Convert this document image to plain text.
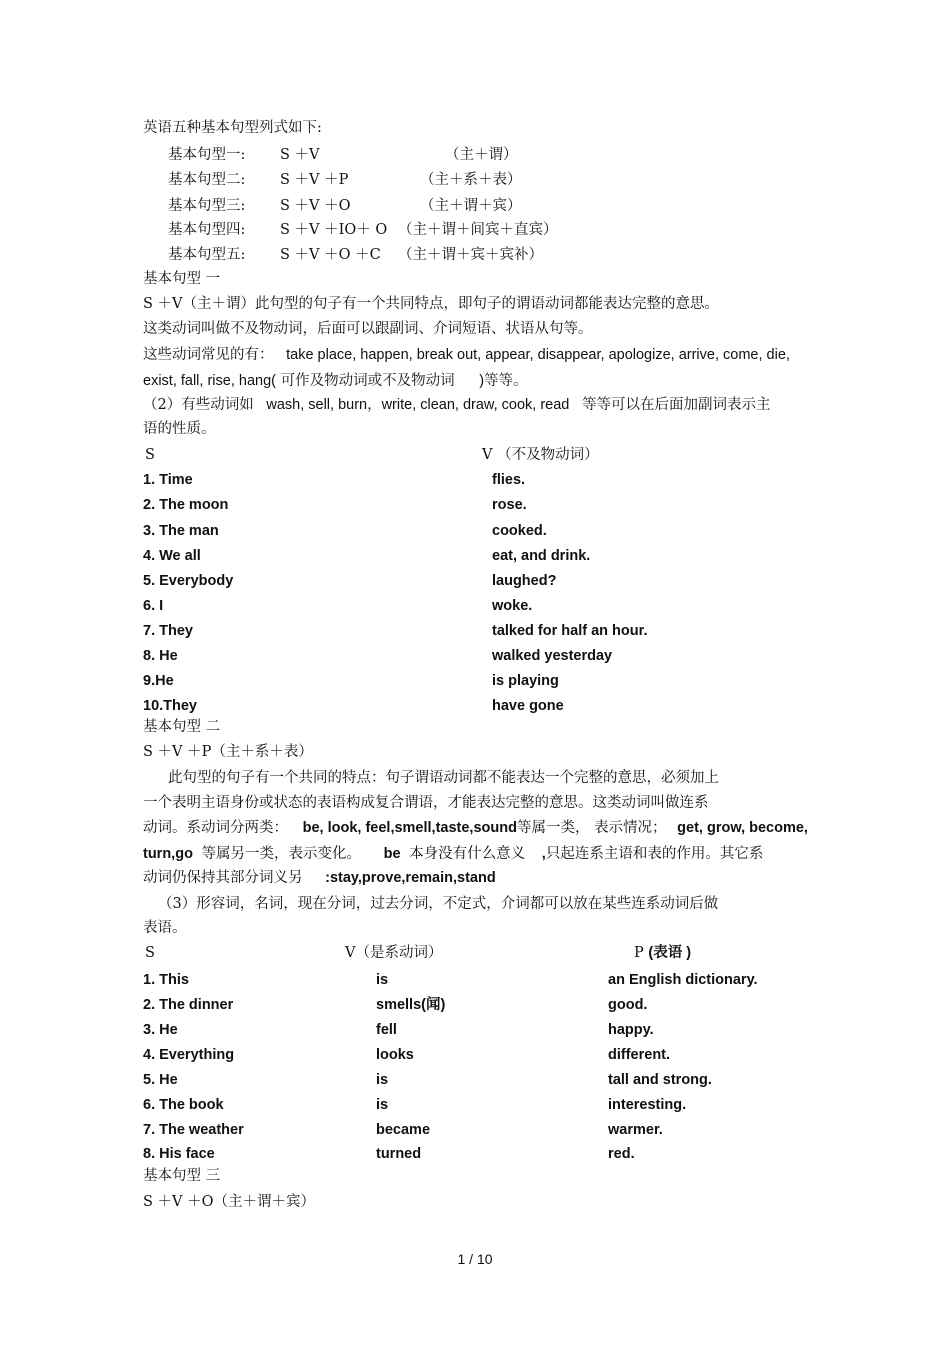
英语五种基本句型列式如下:
基本句型一: S ＋V	（主＋谓）
基本句型二: S ＋V ＋P	（主＋系＋表）
基本句型三: S ＋V ＋O	（主＋谓＋宾）
基本句型四: S ＋V ＋IO＋ O （主＋谓＋间宾＋直宾）
基本句型五: S ＋V ＋O ＋C （主＋谓＋宾＋宾补）
基本句型 一
S ＋V（主＋谓）此句型的句子有一个共同特点，即句子的谓语动词都能表达完整的意思。
这类动词叫做不及物动词，后面可以跟副词、介词短语、状语从句等。
这些动词常见的有： take place, happen, break out, appear, disappear, apologize, arrive, come, die,
exist, fall, rise, hang( 可作及物动词或不及物动词 )等等。
（2）有些动词如 wash, sell, burn，write, clean, draw, cook, read 等等可以在后面加副词表示主
语的性质。
S	V （不及物动词）
1. Time	flies.
2. The moon	rose.
3. The man	cooked.
4. We all	eat, and drink.
5. Everybody	laughed?
6. I	woke.
7. They	talked for half an hour.
8. He	walked yesterday
9.He	is playing
10.They	have gone
基本句型 二
S ＋V ＋P（主＋系＋表）
此句型的句子有一个共同的特点：句子谓语动词都不能表达一个完整的意思，必须加上
一个表明主语身份或状态的表语构成复合谓语，才能表达完整的意思。这类动词叫做连系
动词。系动词分两类： be, look, feel,smell,taste,sound等属一类， 表示情况； get, grow, become,
turn,go 等属另一类，表示变化。 be 本身没有什么意义 ,只起连系主语和表的作用。其它系
动词仍保持其部分词义另 :stay,prove,remain,stand
（3）形容词，名词，现在分词，过去分词，不定式，介词都可以放在某些连系动词后做
表语。
S	V（是系动词）	P (表语 )
1. This	is	an English dictionary.
2. The dinner	smells(闻)	good.
3. He	fell	happy.
4. Everything	looks	different.
5. He	is	tall and strong.
6. The book	is	interesting.
7. The weather	became	warmer.
8. His face	turned	red.
基本句型 三
S ＋V ＋O（主＋谓＋宾）
1 / 10
